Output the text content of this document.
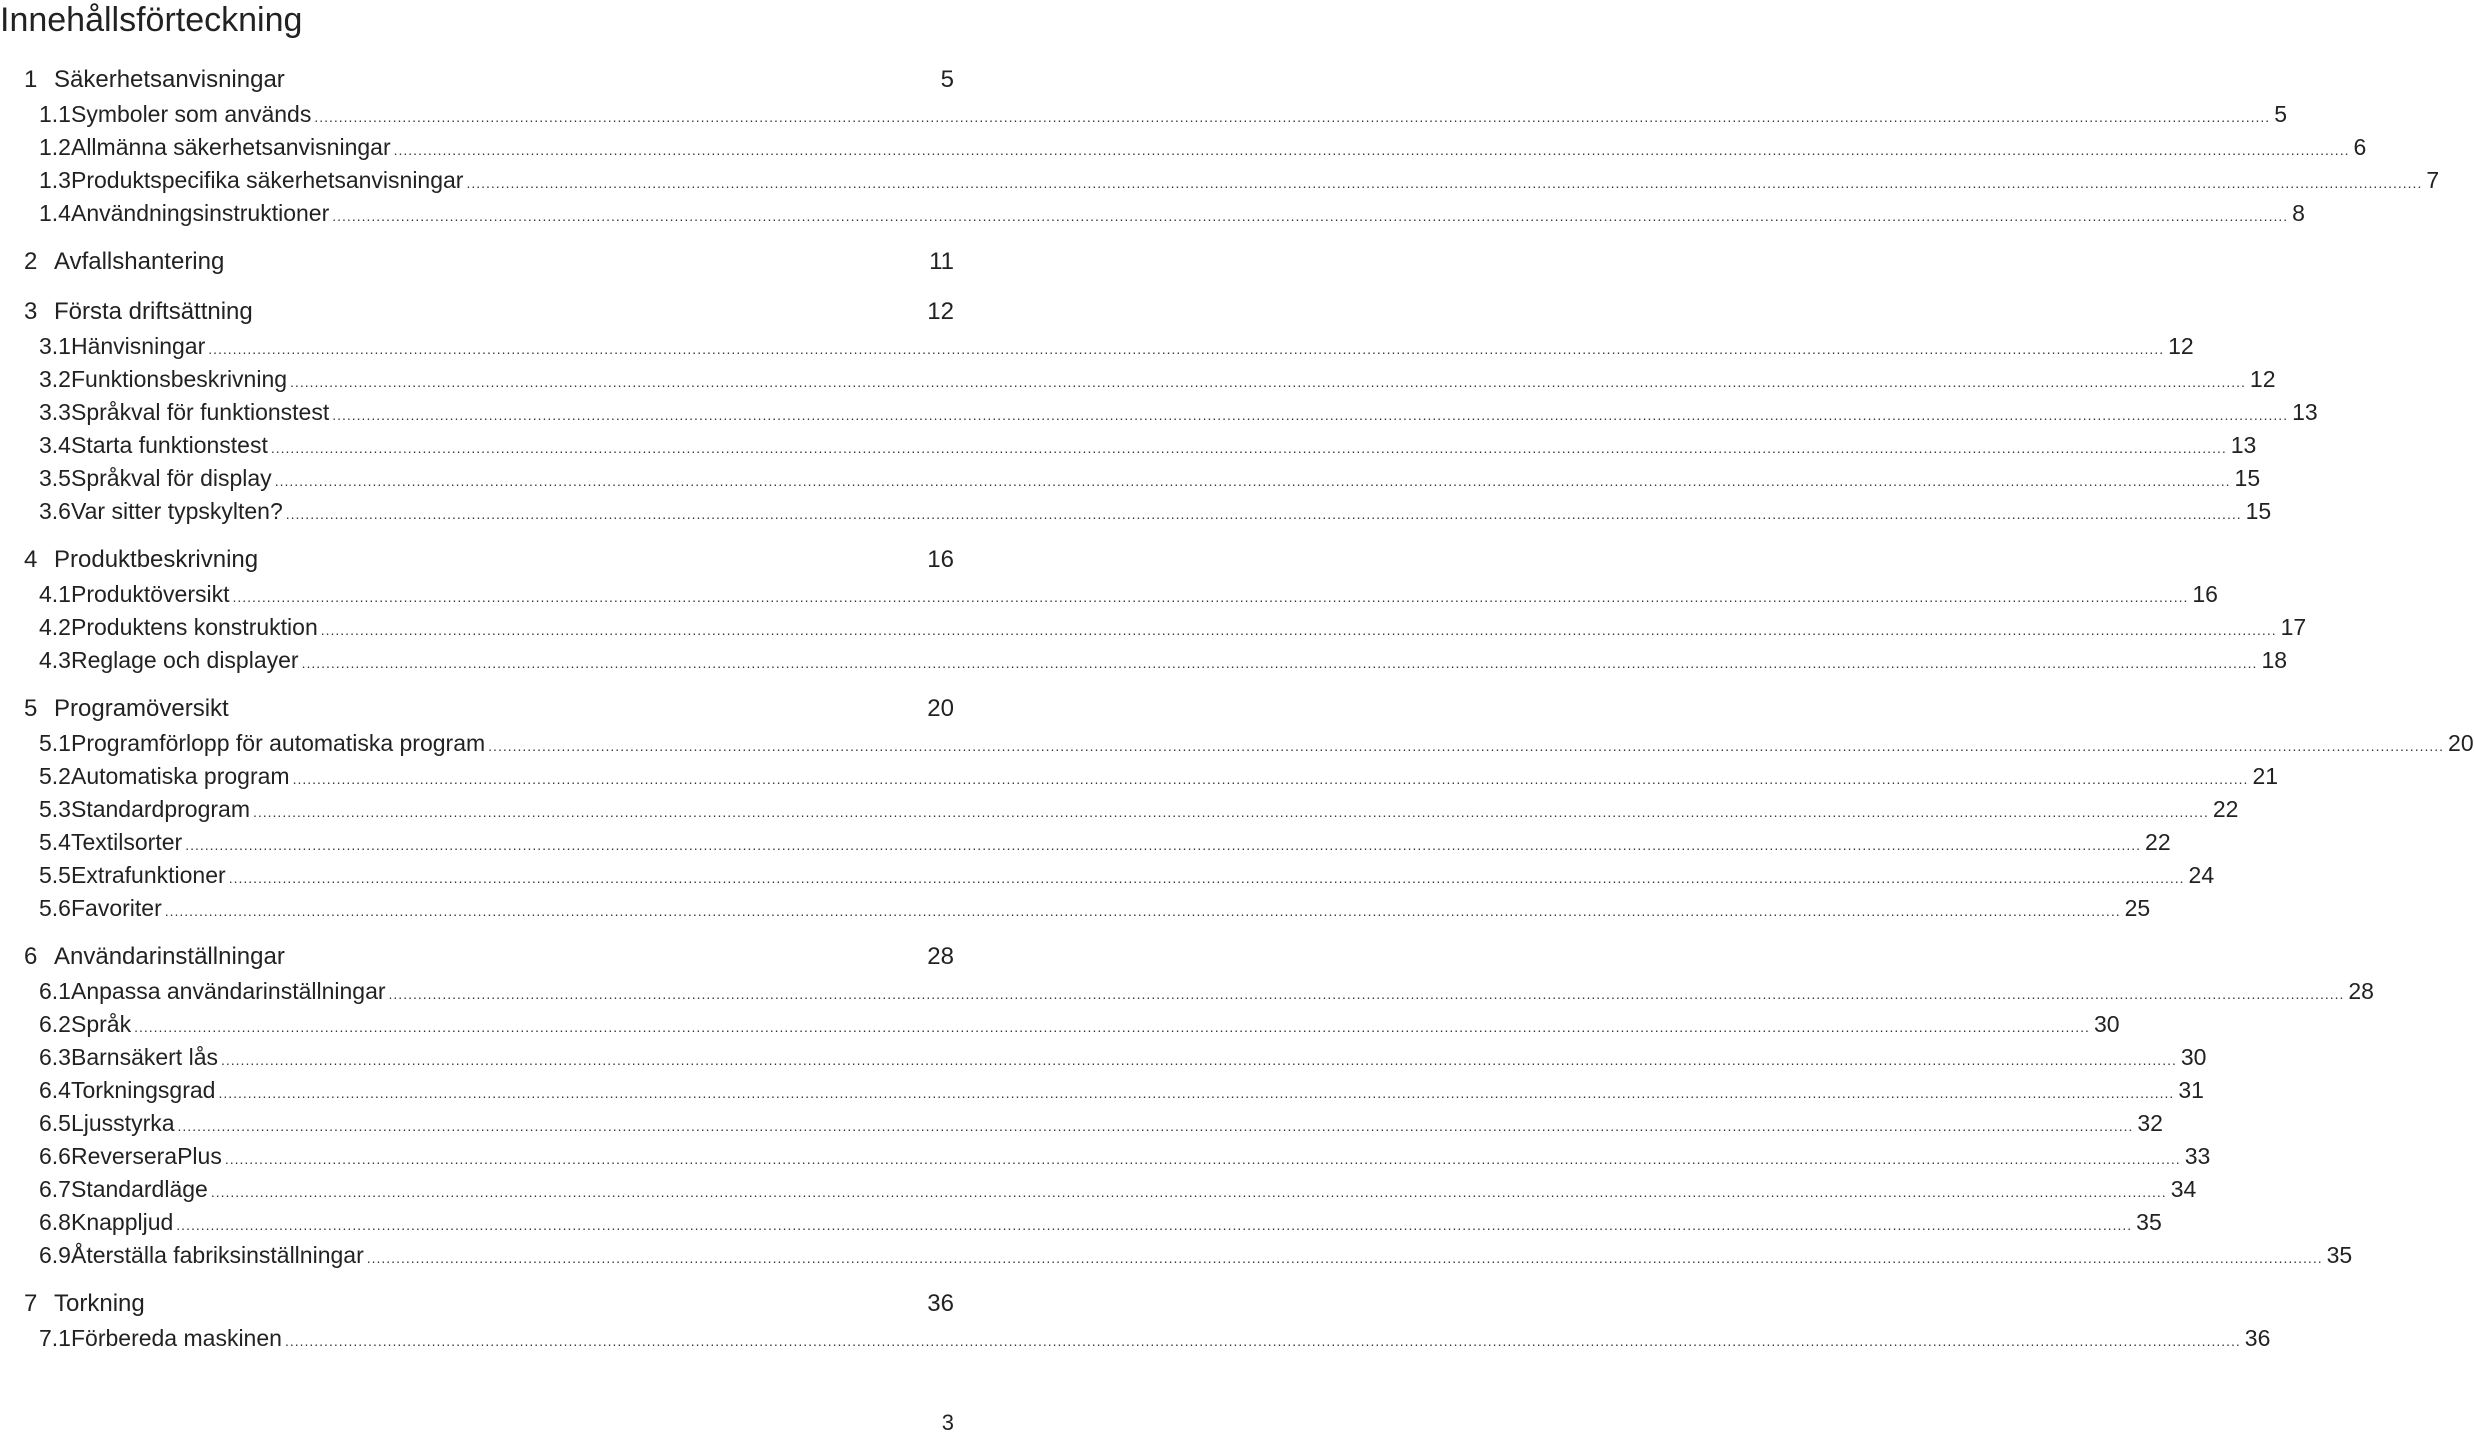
Innehållsförteckning
1 Säkerhetsanvisningar	5
1.1 Symboler som används ................................................................................................................................................................................................................................................................................................................................................................................................................ 5
1.2 Allmänna säkerhetsanvisningar ................................................................................................................................................................................................................................................................................................................................................................................................................ 6
1.3 Produktspecifika säkerhetsanvisningar ................................................................................................................................................................................................................................................................................................................................................................................................................ 7
1.4 Användningsinstruktioner ................................................................................................................................................................................................................................................................................................................................................................................................................ 8
2 Avfallshantering	11
3 Första driftsättning	12
3.1 Hänvisningar ................................................................................................................................................................................................................................................................................................................................................................................................................ 12
3.2 Funktionsbeskrivning ................................................................................................................................................................................................................................................................................................................................................................................................................ 12
3.3 Språkval för funktionstest ................................................................................................................................................................................................................................................................................................................................................................................................................ 13
3.4 Starta funktionstest ................................................................................................................................................................................................................................................................................................................................................................................................................ 13
3.5 Språkval för display ................................................................................................................................................................................................................................................................................................................................................................................................................ 15
3.6 Var sitter typskylten? ................................................................................................................................................................................................................................................................................................................................................................................................................ 15
4 Produktbeskrivning	16
4.1 Produktöversikt ................................................................................................................................................................................................................................................................................................................................................................................................................ 16
4.2 Produktens konstruktion ................................................................................................................................................................................................................................................................................................................................................................................................................ 17
4.3 Reglage och displayer ................................................................................................................................................................................................................................................................................................................................................................................................................ 18
5 Programöversikt	20
5.1 Programförlopp för automatiska program ................................................................................................................................................................................................................................................................................................................................................................................................................ 20
5.2 Automatiska program ................................................................................................................................................................................................................................................................................................................................................................................................................ 21
5.3 Standardprogram ................................................................................................................................................................................................................................................................................................................................................................................................................ 22
5.4 Textilsorter ................................................................................................................................................................................................................................................................................................................................................................................................................ 22
5.5 Extrafunktioner ................................................................................................................................................................................................................................................................................................................................................................................................................ 24
5.6 Favoriter ................................................................................................................................................................................................................................................................................................................................................................................................................ 25
6 Användarinställningar	28
6.1 Anpassa användarinställningar ................................................................................................................................................................................................................................................................................................................................................................................................................ 28
6.2 Språk ................................................................................................................................................................................................................................................................................................................................................................................................................ 30
6.3 Barnsäkert lås ................................................................................................................................................................................................................................................................................................................................................................................................................ 30
6.4 Torkningsgrad ................................................................................................................................................................................................................................................................................................................................................................................................................ 31
6.5 Ljusstyrka ................................................................................................................................................................................................................................................................................................................................................................................................................ 32
6.6 ReverseraPlus ................................................................................................................................................................................................................................................................................................................................................................................................................ 33
6.7 Standardläge ................................................................................................................................................................................................................................................................................................................................................................................................................ 34
6.8 Knappljud ................................................................................................................................................................................................................................................................................................................................................................................................................ 35
6.9 Återställa fabriksinställningar ................................................................................................................................................................................................................................................................................................................................................................................................................ 35
7 Torkning	36
7.1 Förbereda maskinen ................................................................................................................................................................................................................................................................................................................................................................................................................ 36
3
